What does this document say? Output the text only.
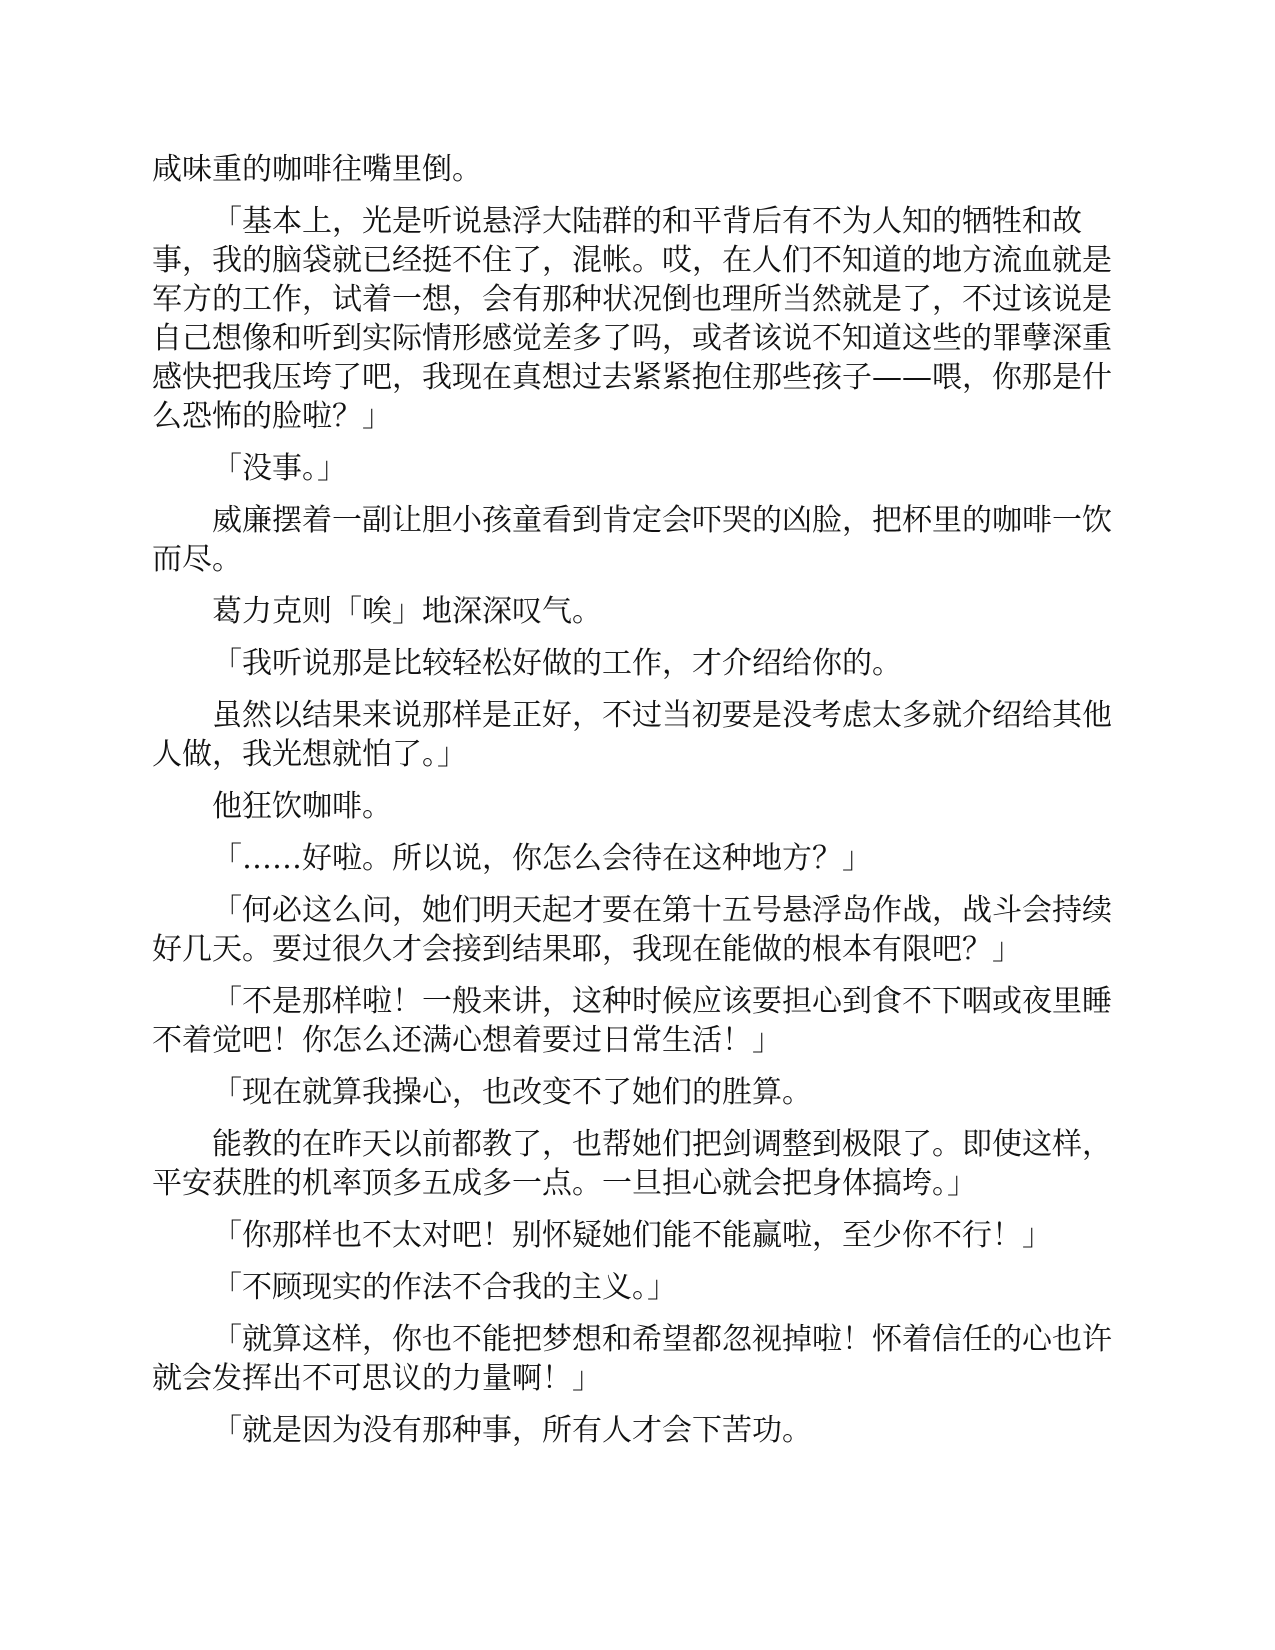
咸味重的咖啡往嘴里倒。

「基本上，光是听说悬浮大陆群的和平背后有不为人知的牺牲和故事，我的脑袋就已经挺不住了，混帐。哎，在人们不知道的地方流血就是军方的工作，试着一想，会有那种状况倒也理所当然就是了，不过该说是自己想像和听到实际情形感觉差多了吗，或者该说不知道这些的罪孽深重感快把我压垮了吧，我现在真想过去紧紧抱住那些孩子——喂，你那是什么恐怖的脸啦？」

「没事。」

威廉摆着一副让胆小孩童看到肯定会吓哭的凶脸，把杯里的咖啡一饮而尽。

葛力克则「唉」地深深叹气。

「我听说那是比较轻松好做的工作，才介绍给你的。

虽然以结果来说那样是正好，不过当初要是没考虑太多就介绍给其他人做，我光想就怕了。」

他狂饮咖啡。

「……好啦。所以说，你怎么会待在这种地方？」

「何必这么问，她们明天起才要在第十五号悬浮岛作战，战斗会持续好几天。要过很久才会接到结果耶，我现在能做的根本有限吧？」

「不是那样啦！一般来讲，这种时候应该要担心到食不下咽或夜里睡不着觉吧！你怎么还满心想着要过日常生活！」

「现在就算我操心，也改变不了她们的胜算。

能教的在昨天以前都教了，也帮她们把剑调整到极限了。即使这样，平安获胜的机率顶多五成多一点。一旦担心就会把身体搞垮。」

「你那样也不太对吧！别怀疑她们能不能赢啦，至少你不行！」

「不顾现实的作法不合我的主义。」

「就算这样，你也不能把梦想和希望都忽视掉啦！怀着信任的心也许就会发挥出不可思议的力量啊！」

「就是因为没有那种事，所有人才会下苦功。
